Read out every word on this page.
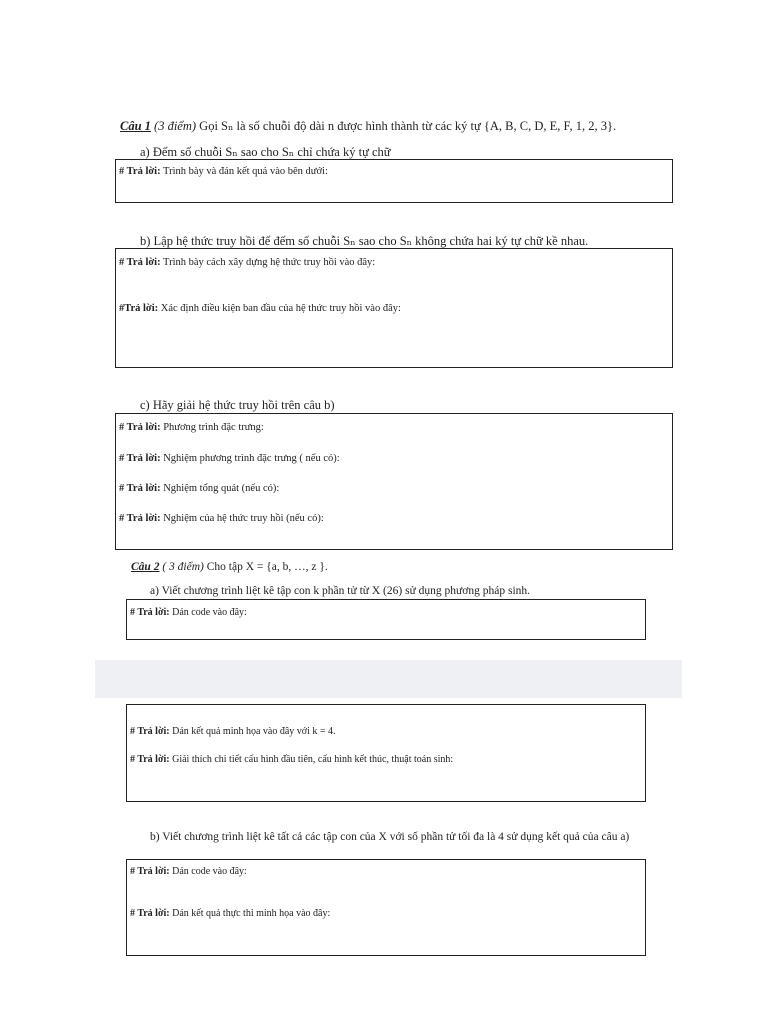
Câu 1 (3 điểm) Gọi Sₙ là số chuỗi độ dài n được hình thành từ các ký tự {A, B, C, D, E, F, 1, 2, 3}.
a) Đếm số chuỗi Sₙ sao cho Sₙ chỉ chứa ký tự chữ
# Trả lời: Trình bày và đán kết quả vào bên dưới:
b) Lập hệ thức truy hồi để đếm số chuỗi Sₙ sao cho Sₙ không chứa hai ký tự chữ kề nhau.
# Trả lời: Trình bày cách xây dựng hệ thức truy hồi vào đây:
#Trả lời: Xác định điều kiện ban đầu của hệ thức truy hồi vào đây:
c) Hãy giải hệ thức truy hồi trên câu b)
# Trả lời: Phương trình đặc trưng:
# Trả lời: Nghiệm phương trình đặc trưng ( nếu có):
# Trả lời: Nghiệm tổng quát (nếu có):
# Trả lời: Nghiệm của hệ thức truy hồi (nếu có):
Câu 2 ( 3 điểm) Cho tập X = {a, b, …, z }.
a) Viết chương trình liệt kê tập con k phần tử từ X (26) sử dụng phương pháp sinh.
# Trả lời: Dán code vào đây:
# Trả lời: Dán kết quả minh họa vào đây với k = 4.
# Trả lời: Giải thích chi tiết cấu hình đầu tiên, cấu hình kết thúc, thuật toán sinh:
b) Viết chương trình liệt kê tất cả các tập con của X với số phần tử tối đa là 4 sử dụng kết quả của câu a)
# Trả lời: Dán code vào đây:
# Trả lời: Dán kết quả thực thi minh họa vào đây:
